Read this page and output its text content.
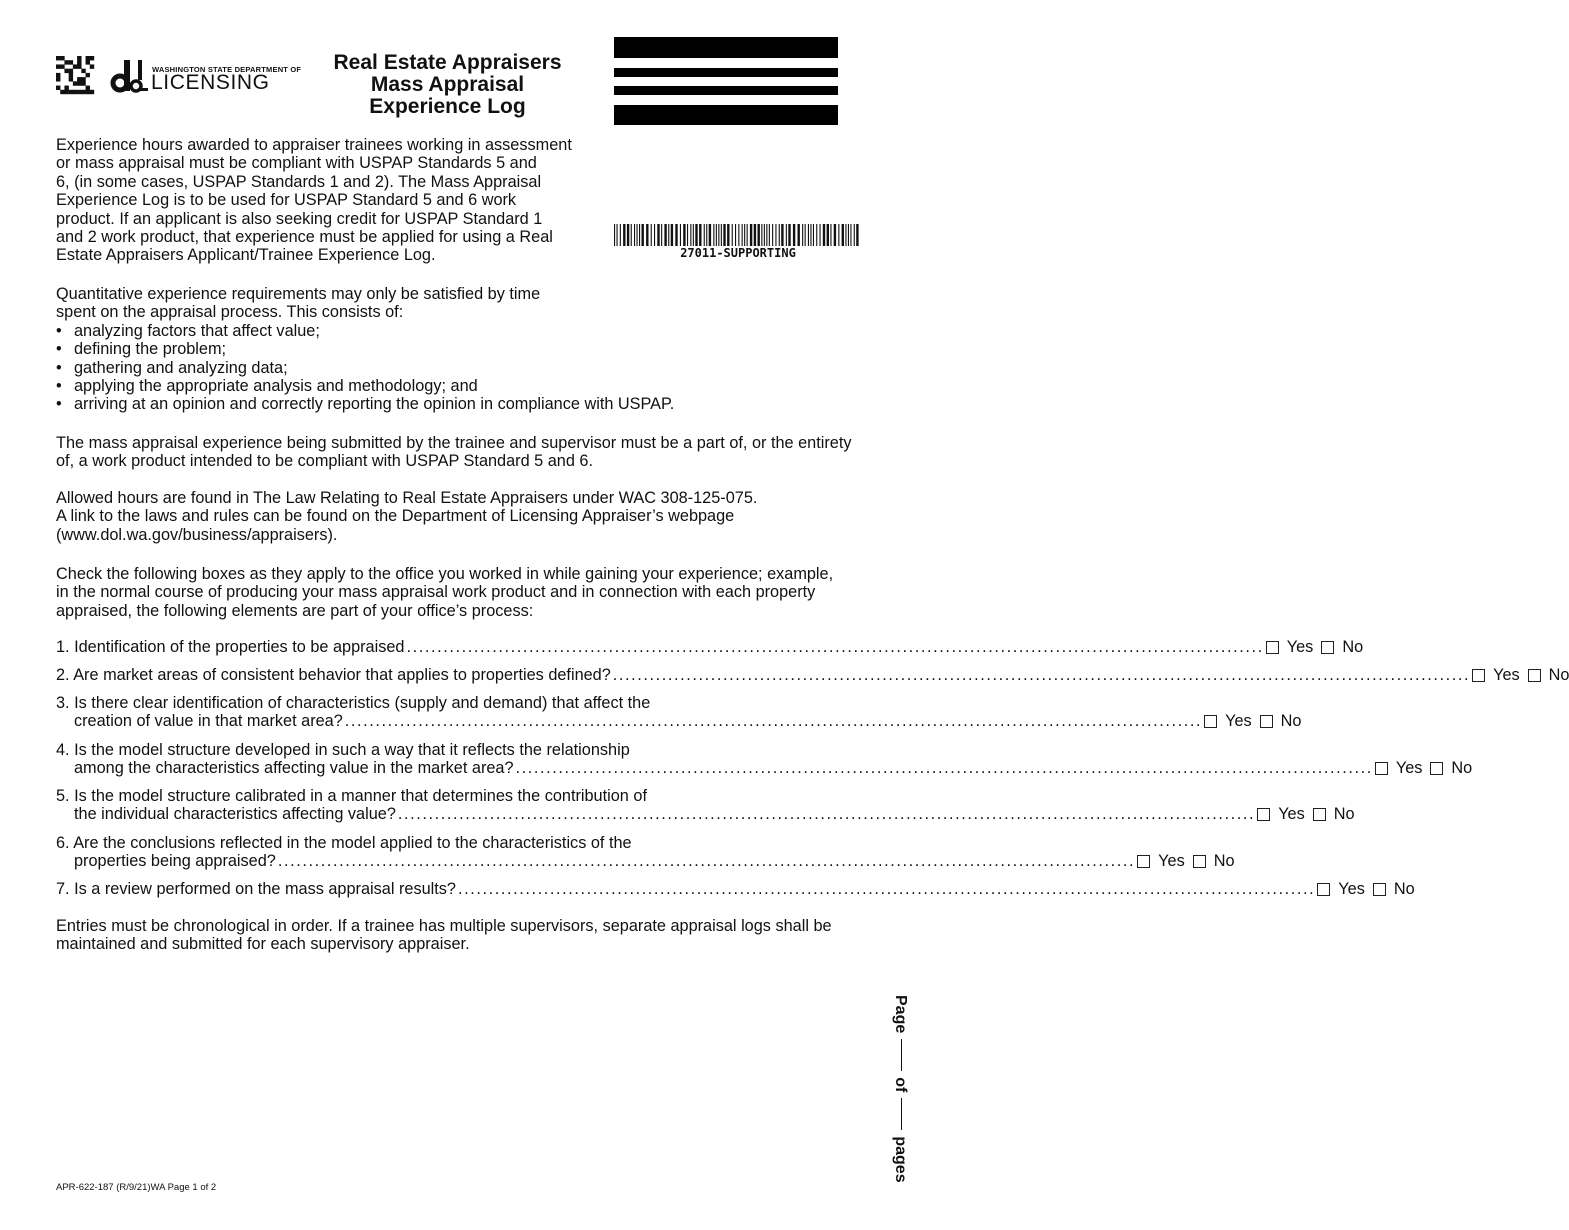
WASHINGTON STATE DEPARTMENT OF
LICENSING
Real Estate Appraisers
Mass Appraisal
Experience Log
27011-SUPPORTING
Experience hours awarded to appraiser trainees working in assessment
or mass appraisal must be compliant with USPAP Standards 5 and
6, (in some cases, USPAP Standards 1 and 2). The Mass Appraisal
Experience Log is to be used for USPAP Standard 5 and 6 work
product. If an applicant is also seeking credit for USPAP Standard 1
and 2 work product, that experience must be applied for using a Real
Estate Appraisers Applicant/Trainee Experience Log.
Quantitative experience requirements may only be satisfied by time
spent on the appraisal process. This consists of:
• analyzing factors that affect value;
• defining the problem;
• gathering and analyzing data;
• applying the appropriate analysis and methodology; and
• arriving at an opinion and correctly reporting the opinion in compliance with USPAP.
The mass appraisal experience being submitted by the trainee and supervisor must be a part of, or the entirety
of, a work product intended to be compliant with USPAP Standard 5 and 6.
Allowed hours are found in The Law Relating to Real Estate Appraisers under WAC 308-125-075.
A link to the laws and rules can be found on the Department of Licensing Appraiser’s webpage
(www.dol.wa.gov/business/appraisers).
Check the following boxes as they apply to the office you worked in while gaining your experience; example,
in the normal course of producing your mass appraisal work product and in connection with each property
appraised, the following elements are part of your office’s process:
1. Identification of the properties to be appraised ............................................................................................................................................ Yes No
2. Are market areas of consistent behavior that applies to properties defined? ............................................................................................................................................ Yes No
3. Is there clear identification of characteristics (supply and demand) that affect the
creation of value in that market area? ............................................................................................................................................ Yes No
4. Is the model structure developed in such a way that it reflects the relationship
among the characteristics affecting value in the market area? ............................................................................................................................................ Yes No
5. Is the model structure calibrated in a manner that determines the contribution of
the individual characteristics affecting value? ............................................................................................................................................ Yes No
6. Are the conclusions reflected in the model applied to the characteristics of the
properties being appraised? ............................................................................................................................................ Yes No
7. Is a review performed on the mass appraisal results? ............................................................................................................................................ Yes No
Entries must be chronological in order. If a trainee has multiple supervisors, separate appraisal logs shall be
maintained and submitted for each supervisory appraiser.
Pageofpages
APR-622-187 (R/9/21)WA Page 1 of 2
